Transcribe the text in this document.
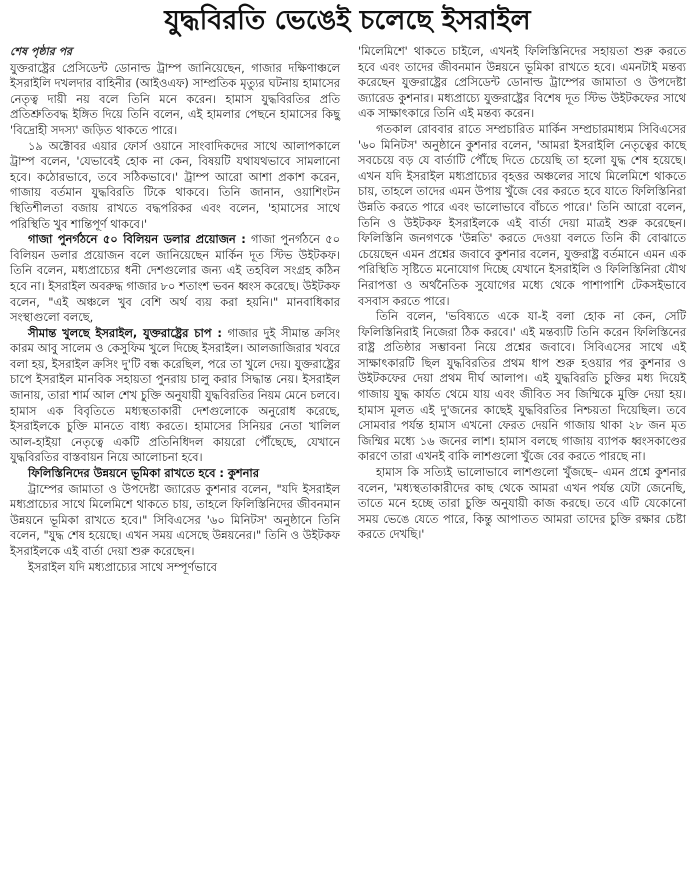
যুদ্ধবিরতি ভেঙেই চলেছে ইসরাইল
শেষ পৃষ্ঠার পর

যুক্তরাষ্ট্রের প্রেসিডেন্ট ডোনাল্ড ট্রাম্প জানিয়েছেন, গাজার দক্ষিণাঞ্চলে ইসরাইলি দখলদার বাহিনীর (আইওএফ) সাম্প্রতিক মৃত্যুর ঘটনায় হামাসের নেতৃত্ব দায়ী নয় বলে তিনি মনে করেন। হামাস যুদ্ধবিরতির প্রতি প্রতিশ্রুতিবদ্ধ ইঙ্গিত দিয়ে তিনি বলেন, এই হামলার পেছনে হামাসের কিছু 'বিদ্রোহী সদস্য' জড়িত থাকতে পারে।

১৯ অক্টোবর এয়ার ফোর্স ওয়ানে সাংবাদিকদের সাথে আলাপকালে ট্রাম্প বলেন, 'যেভাবেই হোক না কেন, বিষয়টি যথাযথভাবে সামলানো হবে। কঠোরভাবে, তবে সঠিকভাবে।' ট্রাম্প আরো আশা প্রকাশ করেন, গাজায় বর্তমান যুদ্ধবিরতি টিকে থাকবে। তিনি জানান, ওয়াশিংটন স্থিতিশীলতা বজায় রাখতে বদ্ধপরিকর এবং বলেন, 'হামাসের সাথে পরিস্থিতি খুব শান্তিপূর্ণ থাকবে।'

গাজা পুনর্গঠনে ৫০ বিলিয়ন ডলার প্রয়োজন : গাজা পুনর্গঠনে ৫০ বিলিয়ন ডলার প্রয়োজন বলে জানিয়েছেন মার্কিন দূত স্টিভ উইটকফ। তিনি বলেন, মধ্যপ্রাচ্যের ধনী দেশগুলোর জন্য এই তহবিল সংগ্রহ কঠিন হবে না। ইসরাইল অবরুদ্ধ গাজার ৮০ শতাংশ ভবন ধ্বংস করেছে। উইটকফ বলেন, "এই অঞ্চলে খুব বেশি অর্থ ব্যয় করা হয়নি।" মানবাধিকার সংস্থাগুলো বলছে,

সীমান্ত খুলছে ইসরাইল, যুক্তরাষ্ট্রের চাপ : গাজার দুই সীমান্ত ক্রসিং কারম আবু সালেম ও কেসুফিম খুলে দিচ্ছে ইসরাইল। আলজাজিরার খবরে বলা হয়, ইসরাইল ক্রসিং দু'টি বন্ধ করেছিল, পরে তা খুলে দেয়। যুক্তরাষ্ট্রের চাপে ইসরাইল মানবিক সহায়তা পুনরায় চালু করার সিদ্ধান্ত নেয়। ইসরাইল জানায়, তারা শার্ম আল শেখ চুক্তি অনুযায়ী যুদ্ধবিরতির নিয়ম মেনে চলবে। হামাস এক বিবৃতিতে মধ্যস্থতাকারী দেশগুলোকে অনুরোধ করেছে, ইসরাইলকে চুক্তি মানতে বাধ্য করতে। হামাসের সিনিয়র নেতা খালিল আল-হাইয়া নেতৃত্বে একটি প্রতিনিধিদল কায়রো পৌঁছেছে, যেখানে যুদ্ধবিরতির বাস্তবায়ন নিয়ে আলোচনা হবে।

ফিলিস্তিনিদের উন্নয়নে ভূমিকা রাখতে হবে : কুশনার

ট্রাম্পের জামাতা ও উপদেষ্টা জ্যারেড কুশনার বলেন, "যদি ইসরাইল মধ্যপ্রাচ্যের সাথে মিলেমিশে থাকতে চায়, তাহলে ফিলিস্তিনিদের জীবনমান উন্নয়নে ভূমিকা রাখতে হবে।" সিবিএসের '৬০ মিনিটস' অনুষ্ঠানে তিনি বলেন, "যুদ্ধ শেষ হয়েছে। এখন সময় এসেছে উন্নয়নের।" তিনি ও উইটকফ ইসরাইলকে এই বার্তা দেয়া শুরু করেছেন।

ইসরাইল যদি মধ্যপ্রাচ্যের সাথে সম্পূর্ণভাবে

'মিলেমিশে' থাকতে চাইলে, এখনই ফিলিস্তিনিদের সহায়তা শুরু করতে হবে এবং তাদের জীবনমান উন্নয়নে ভূমিকা রাখতে হবে। এমনটাই মন্তব্য করেছেন যুক্তরাষ্ট্রের প্রেসিডেন্ট ডোনাল্ড ট্রাম্পের জামাতা ও উপদেষ্টা জ্যারেড কুশনার। মধ্যপ্রাচ্যে যুক্তরাষ্ট্রের বিশেষ দূত স্টিভ উইটকফের সাথে এক সাক্ষাৎকারে তিনি এই মন্তব্য করেন।

গতকাল রোববার রাতে সম্প্রচারিত মার্কিন সম্প্রচারমাধ্যম সিবিএসের '৬০ মিনিটস' অনুষ্ঠানে কুশনার বলেন, 'আমরা ইসরাইলি নেতৃত্বের কাছে সবচেয়ে বড় যে বার্তাটি পৌঁছে দিতে চেয়েছি তা হলো যুদ্ধ শেষ হয়েছে। এখন যদি ইসরাইল মধ্যপ্রাচ্যের বৃহত্তর অঞ্চলের সাথে মিলেমিশে থাকতে চায়, তাহলে তাদের এমন উপায় খুঁজে বের করতে হবে যাতে ফিলিস্তিনিরা উন্নতি করতে পারে এবং ভালোভাবে বাঁচতে পারে।' তিনি আরো বলেন, তিনি ও উইটকফ ইসরাইলকে এই বার্তা দেয়া মাত্রই শুরু করেছেন। ফিলিস্তিনি জনগণকে 'উন্নতি' করতে দেওয়া বলতে তিনি কী বোঝাতে চেয়েছেন এমন প্রশ্নের জবাবে কুশনার বলেন, যুক্তরাষ্ট্র বর্তমানে এমন এক পরিস্থিতি সৃষ্টিতে মনোযোগ দিচ্ছে যেখানে ইসরাইলি ও ফিলিস্তিনিরা যৌথ নিরাপত্তা ও অর্থনৈতিক সুযোগের মধ্যে থেকে পাশাপাশি টেকসইভাবে বসবাস করতে পারে।

তিনি বলেন, 'ভবিষ্যতে একে যা-ই বলা হোক না কেন, সেটি ফিলিস্তিনিরাই নিজেরা ঠিক করবে।' এই মন্তব্যটি তিনি করেন ফিলিস্তিনের রাষ্ট্র প্রতিষ্ঠার সম্ভাবনা নিয়ে প্রশ্নের জবাবে। সিবিএসের সাথে এই সাক্ষাৎকারটি ছিল যুদ্ধবিরতির প্রথম ধাপ শুরু হওয়ার পর কুশনার ও উইটকফের দেয়া প্রথম দীর্ঘ আলাপ। এই যুদ্ধবিরতি চুক্তির মধ্য দিয়েই গাজায় যুদ্ধ কার্যত থেমে যায় এবং জীবিত সব জিম্মিকে মুক্তি দেয়া হয়। হামাস মূলত এই দু'জনের কাছেই যুদ্ধবিরতির নিশ্চয়তা দিয়েছিল। তবে সোমবার পর্যন্ত হামাস এখনো ফেরত দেয়নি গাজায় থাকা ২৮ জন মৃত জিম্মির মধ্যে ১৬ জনের লাশ। হামাস বলছে গাজায় ব্যাপক ধ্বংসকাণ্ডের কারণে তারা এখনই বাকি লাশগুলো খুঁজে বের করতে পারছে না।

হামাস কি সত্যিই ভালোভাবে লাশগুলো খুঁজছে– এমন প্রশ্নে কুশনার বলেন, 'মধ্যস্থতাকারীদের কাছ থেকে আমরা এখন পর্যন্ত যেটা জেনেছি, তাতে মনে হচ্ছে তারা চুক্তি অনুযায়ী কাজ করছে। তবে এটি যেকোনো সময় ভেঙে যেতে পারে, কিন্তু আপাতত আমরা তাদের চুক্তি রক্ষার চেষ্টা করতে দেখছি।'
